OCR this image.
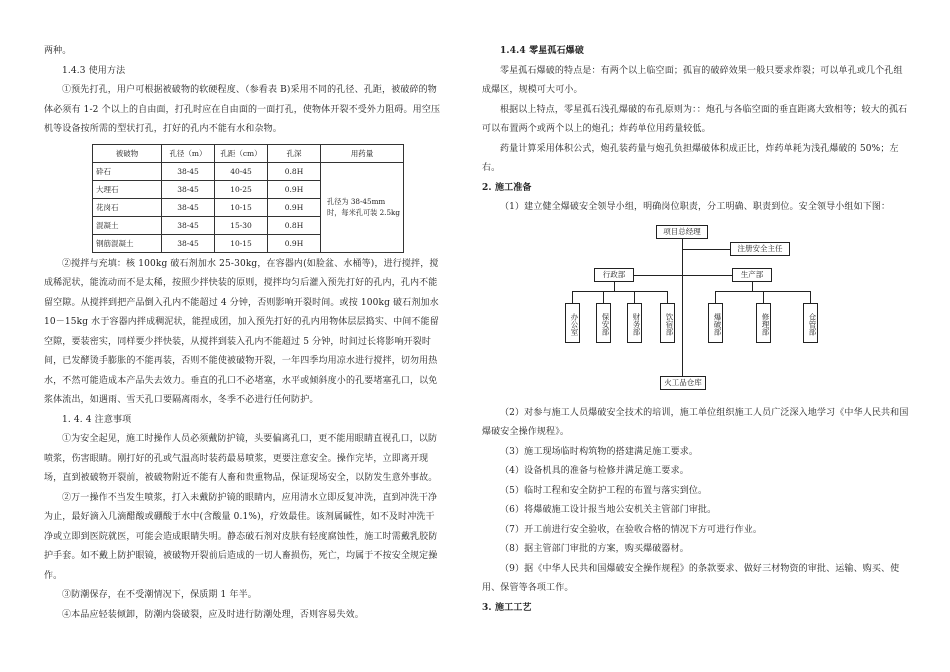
两种。

1.4.3 使用方法

①预先打孔，用户可根据被破物的软硬程度、（参看表 B)采用不同的孔径、孔距，被破碎的物体必须有 1-2 个以上的自由面，打孔时应在自由面的一面打孔，使物体开裂不受外力阻碍。用空压机等设备按所需的型状打孔，打好的孔内不能有水和杂物。

被破物	孔径（m）	孔距（cm）	孔深	用药量
砕石	38-45	40-45	0.8H	孔径为 38-45mm 时，每米孔可装 2.5kg
大理石	38-45	10-25	0.9H	
花岗石	38-45	10-15	0.9H	
混凝土	38-45	15-30	0.8H	
钢筋混凝土	38-45	10-15	0.9H	

②搅拌与充填：核 100kg 破石剂加水 25-30kg，在容器内(如脸盆、水桶等)，进行搅拌，搅成稀泥状，能流动而不是太稀，按照少拌快装的原则，搅拌均匀后灌入预先打好的孔内，孔内不能留空隙。从搅拌到把产品倒入孔内不能超过 4 分钟，否则影响开裂时间。或按 100kg 破石剂加水 10－15kg 水于容器内拌成稠泥状，能捏成团，加入预先打好的孔内用物体层层捣实、中间不能留空隙，要装密实，同样要少拌快装，从搅拌到装入孔内不能超过 5 分钟，时间过长将影响开裂时间，已发酵烫手膨胀的不能再装，否则不能使被破物开裂，一年四季均用凉水进行搅拌，切勿用热水，不然可能造成本产品失去效力。垂直的孔口不必堵塞，水平或倾斜度小的孔要堵塞孔口，以免浆体流出，如遇雨、雪天孔口要隔离雨水，冬季不必进行任何防护。

1. 4. 4 注意事项

①为安全起见，施工时操作人员必须戴防护镜，头要偏离孔口，更不能用眼睛直视孔口，以防喷浆，伤害眼睛。刚打好的孔或气温高时装药最易喷浆，更要注意安全。操作完毕，立即离开现场，直到被破物开裂前，被破物附近不能有人畜和贵重物品，保证现场安全，以防发生意外事故。

②万一操作不当发生喷浆，打入未戴防护镜的眼睛内，应用清水立即反复冲洗，直到冲洗干净为止，最好滴入几滴醋酸或硼酸于水中(含酸量 0.1%)，疗效最佳。该剂属碱性，如不及时冲洗干净或立即到医院就医，可能会造成眼睛失明。静态破石剂对皮肤有轻度腐蚀性，施工时需戴乳胶防护手套。如不戴上防护眼镜，被破物开裂前后造成的一切人畜损伤，死亡，均属于不按安全规定操作。

③防潮保存，在不受潮情况下，保质期 1 年半。

④本品应轻装倾卸，防潮内袋破裂，应及时进行防潮处理，否则容易失效。

1.4.4 零星孤石爆破

零星孤石爆破的特点是：有两个以上临空面；孤盲的破碎效果一般只要求炸裂；可以单孔或几个孔组成爆区，规模可大可小。

根据以上特点，零星孤石浅孔爆破的布孔原则为：：炮孔与各临空面的垂直距离大致相等；较大的孤石可以布置两个或两个以上的炮孔；炸药单位用药量较低。

药量计算采用体积公式，炮孔装药量与炮孔负担爆破体积成正比，炸药单耗为浅孔爆破的 50%；左右。

2. 施工准备

（1）建立健全爆破安全领导小组，明确岗位职责，分工明确、职责到位。安全领导小组如下图：

项目总经理
注册安全主任
行政部	生产部
办公室	保安部	财务部	饮宿部	爆破部	修理部	仓管部
火工品仓库

（2）对参与施工人员爆破安全技术的培训，施工单位组织施工人员广泛深入地学习《中华人民共和国爆破安全操作规程》。

（3）施工现场临时构筑物的搭建满足施工要求。

（4）设备机具的准备与检修并满足施工要求。

（5）临时工程和安全防护工程的布置与落实到位。

（6）将爆破施工设计报当地公安机关主管部门审批。

（7）开工前进行安全验收，在验收合格的情况下方可进行作业。

（8）据主管部门审批的方案，购买爆破器材。

（9）据《中华人民共和国爆破安全操作规程》的条款要求、做好三材物资的审批、运输、购买、使用、保管等各项工作。

3. 施工工艺
